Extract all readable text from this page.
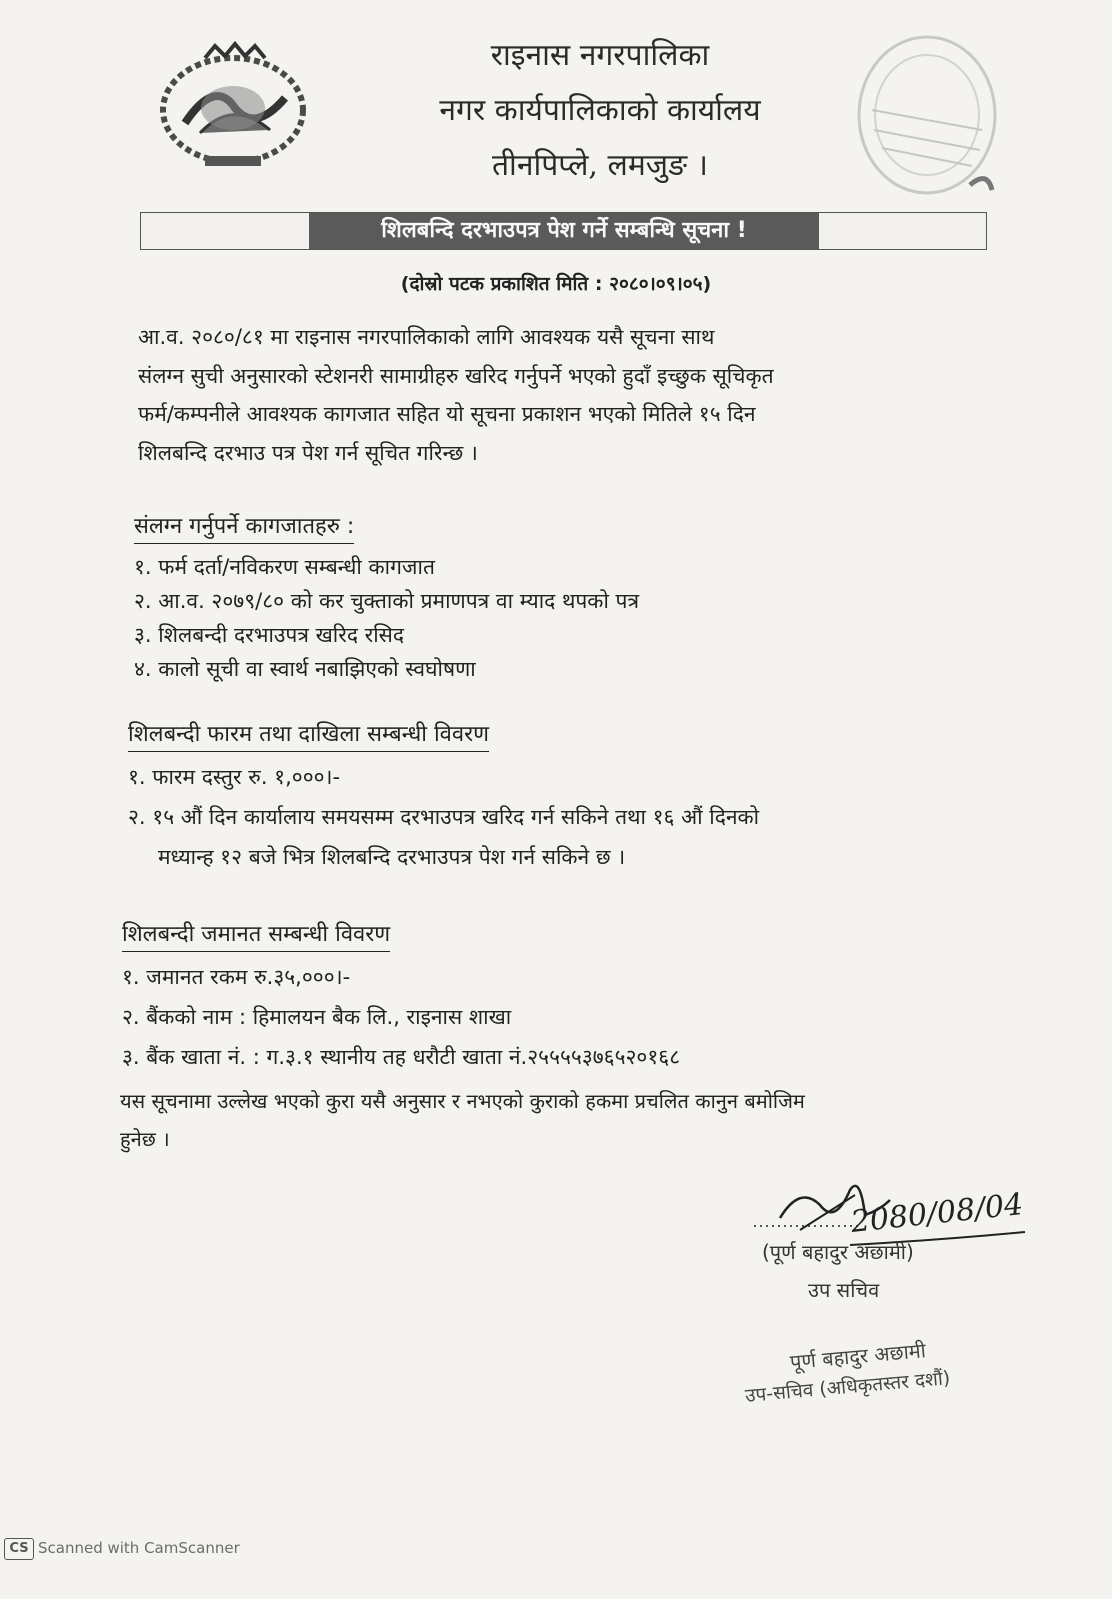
राइनास नगरपालिका
नगर कार्यपालिकाको कार्यालय
तीनपिप्ले, लमजुङ ।
शिलबन्दि दरभाउपत्र पेश गर्ने सम्बन्धि सूचना !
(दोस्रो पटक प्रकाशित मिति : २०८०।०९।०५)
आ.व. २०८०/८१ मा राइनास नगरपालिकाको लागि आवश्यक यसै सूचना साथ
संलग्न सुची अनुसारको स्टेशनरी सामाग्रीहरु खरिद गर्नुपर्ने भएको हुदाँ इच्छुक सूचिकृत
फर्म/कम्पनीले आवश्यक कागजात सहित यो सूचना प्रकाशन भएको मितिले १५ दिन
शिलबन्दि दरभाउ पत्र पेश गर्न सूचित गरिन्छ ।
संलग्न गर्नुपर्ने कागजातहरु :
१. फर्म दर्ता/नविकरण सम्बन्धी कागजात
२. आ.व. २०७९/८० को कर चुक्ताको प्रमाणपत्र वा म्याद थपको पत्र
३. शिलबन्दी दरभाउपत्र खरिद रसिद
४. कालो सूची वा स्वार्थ नबाझिएको स्वघोषणा
शिलबन्दी फारम तथा दाखिला सम्बन्धी विवरण
१. फारम दस्तुर रु. १,०००।-
२. १५ औं दिन कार्यालाय समयसम्म दरभाउपत्र खरिद गर्न सकिने तथा १६ औं दिनको
मध्यान्ह १२ बजे भित्र शिलबन्दि दरभाउपत्र पेश गर्न सकिने छ ।
शिलबन्दी जमानत सम्बन्धी विवरण
१. जमानत रकम रु.३५,०००।-
२. बैंकको नाम : हिमालयन बैक लि., राइनास शाखा
३. बैंक खाता नं. : ग.३.१ स्थानीय तह धरौटी खाता नं.२५५५५३७६५२०१६८
यस सूचनामा उल्लेख भएको कुरा यसै अनुसार र नभएको कुराको हकमा प्रचलित कानुन बमोजिम
हुनेछ ।
2080/08/04
(पूर्ण बहादुर अछामी)
उप सचिव
पूर्ण बहादुर अछामी
उप-सचिव (अधिकृतस्तर दशौं)
CS Scanned with CamScanner
